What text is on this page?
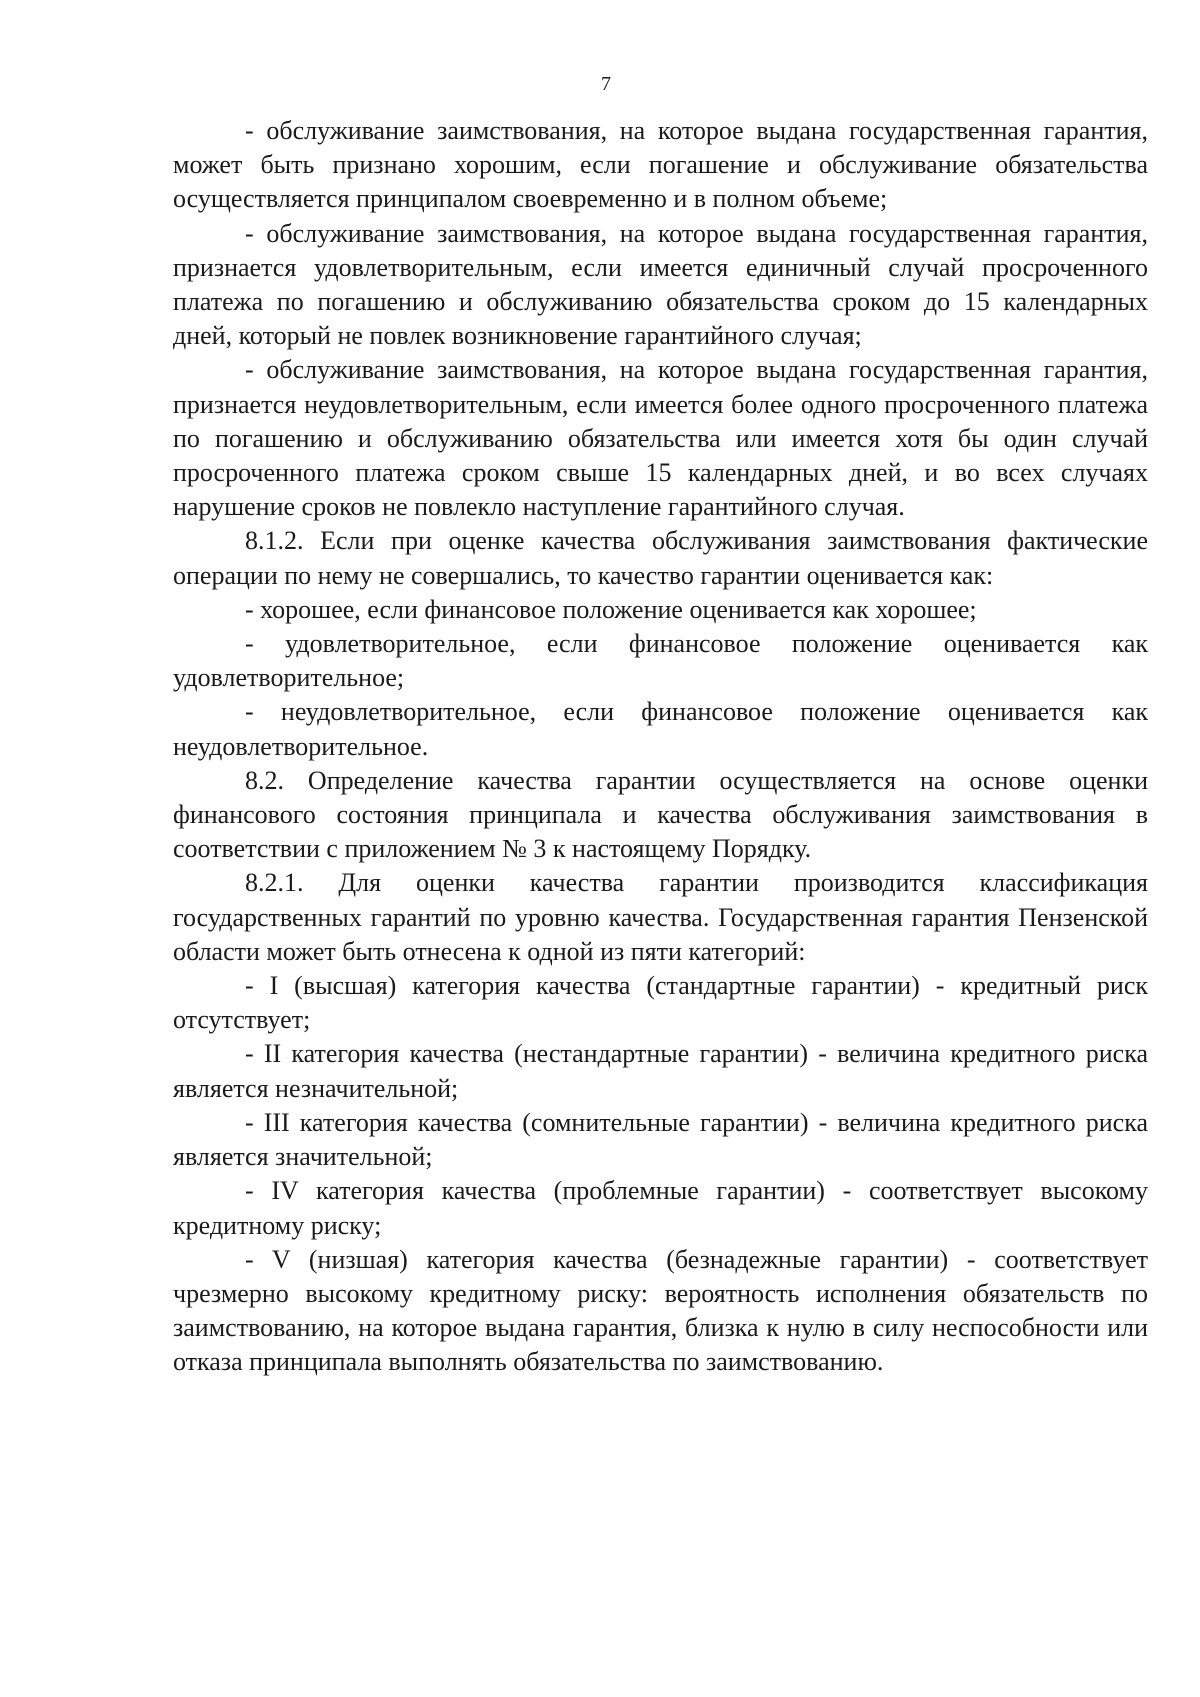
7

- обслуживание заимствования, на которое выдана государственная гарантия, может быть признано хорошим, если погашение и обслуживание обязательства осуществляется принципалом своевременно и в полном объеме;

- обслуживание заимствования, на которое выдана государственная гарантия, признается удовлетворительным, если имеется единичный случай просроченного платежа по погашению и обслуживанию обязательства сроком до 15 календарных дней, который не повлек возникновение гарантийного случая;

- обслуживание заимствования, на которое выдана государственная гарантия, признается неудовлетворительным, если имеется более одного просроченного платежа по погашению и обслуживанию обязательства или имеется хотя бы один случай просроченного платежа сроком свыше 15 календарных дней, и во всех случаях нарушение сроков не повлекло наступление гарантийного случая.

8.1.2. Если при оценке качества обслуживания заимствования фактические операции по нему не совершались, то качество гарантии оценивается как:

- хорошее, если финансовое положение оценивается как хорошее;

- удовлетворительное, если финансовое положение оценивается как удовлетворительное;

- неудовлетворительное, если финансовое положение оценивается как неудовлетворительное.

8.2. Определение качества гарантии осуществляется на основе оценки финансового состояния принципала и качества обслуживания заимствования в соответствии с приложением № 3 к настоящему Порядку.

8.2.1. Для оценки качества гарантии производится классификация государственных гарантий по уровню качества. Государственная гарантия Пензенской области может быть отнесена к одной из пяти категорий:

- I (высшая) категория качества (стандартные гарантии) - кредитный риск отсутствует;

- II категория качества (нестандартные гарантии) - величина кредитного риска является незначительной;

- III категория качества (сомнительные гарантии) - величина кредитного риска является значительной;

- IV категория качества (проблемные гарантии) - соответствует высокому кредитному риску;

- V (низшая) категория качества (безнадежные гарантии) - соответствует чрезмерно высокому кредитному риску: вероятность исполнения обязательств по заимствованию, на которое выдана гарантия, близка к нулю в силу неспособности или отказа принципала выполнять обязательства по заимствованию.
